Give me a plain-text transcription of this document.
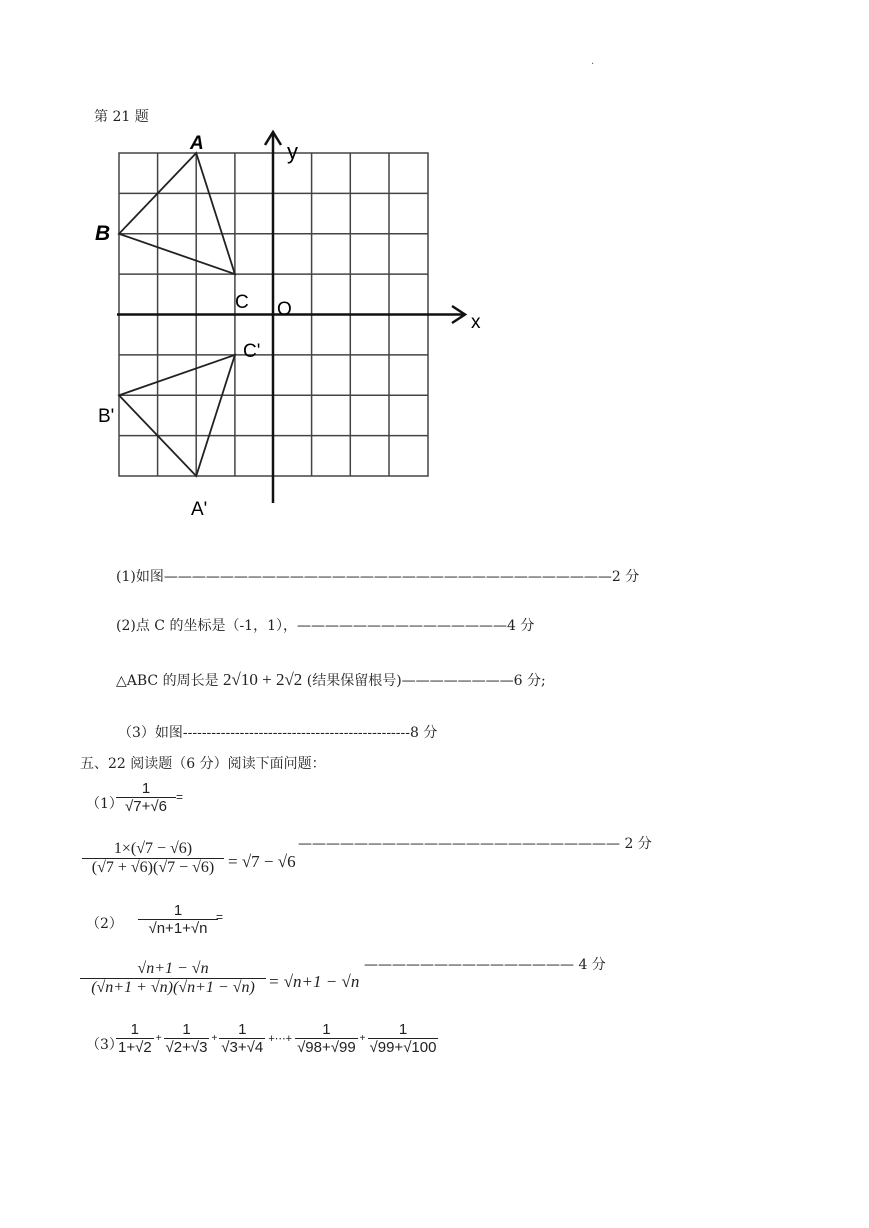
.
第 21 题
A
B
C O
x
y
C'
B'
A'
(1)如图————————————————————————————————2 分
(2)点 C 的坐标是（-1，1），———————————————4 分
△ABC 的周长是 2√10 + 2√2 (结果保留根号)————————6 分;
（3）如图------------------------------------------------8 分
五、22 阅读题（6 分）阅读下面问题：
（1）
$\frac{1}{√7+√6}$ =
$\frac{1\times(√7 - √6)}{(√7 + √6)(√7 - √6)} = √7 - √6$
——————————————————————— 2 分
$(2) \frac{1}{√n+1+√n}$
=
$\frac{√n+1 - √n}{(√n+1 + √n)(√n+1 - √n)} = √n+1 - √n$
——————————————— 4 分
（3）
$\frac{1}{1+√2} + \frac{1}{√2+√3} + \frac{1}{√3+√4}$ +⋯+ $\frac{1}{√98+√99} + \frac{1}{√99+√100}$
